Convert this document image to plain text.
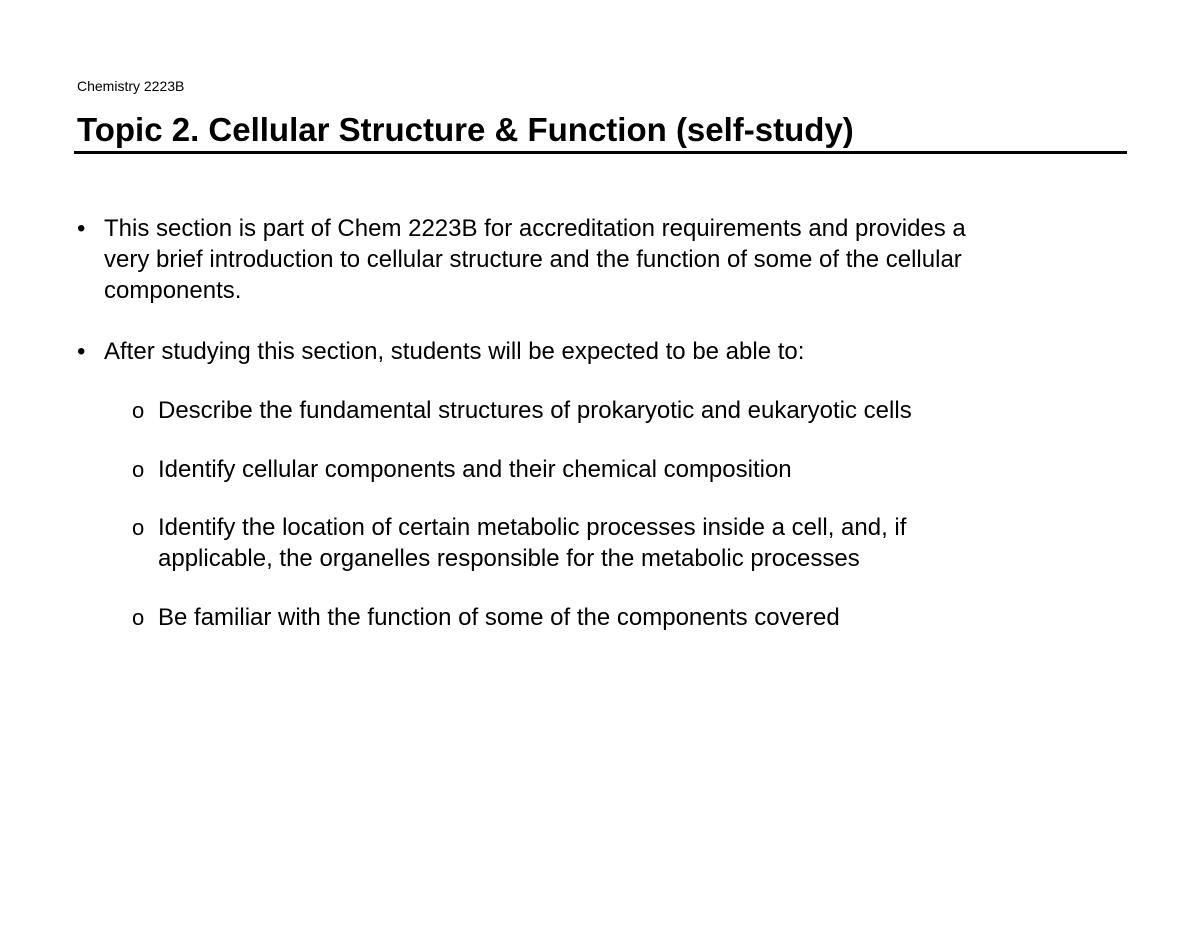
Chemistry 2223B
Topic 2. Cellular Structure & Function (self-study)
• This section is part of Chem 2223B for accreditation requirements and provides a
very brief introduction to cellular structure and the function of some of the cellular
components.
• After studying this section, students will be expected to be able to:
o Describe the fundamental structures of prokaryotic and eukaryotic cells
o Identify cellular components and their chemical composition
o Identify the location of certain metabolic processes inside a cell, and, if
applicable, the organelles responsible for the metabolic processes
o Be familiar with the function of some of the components covered
